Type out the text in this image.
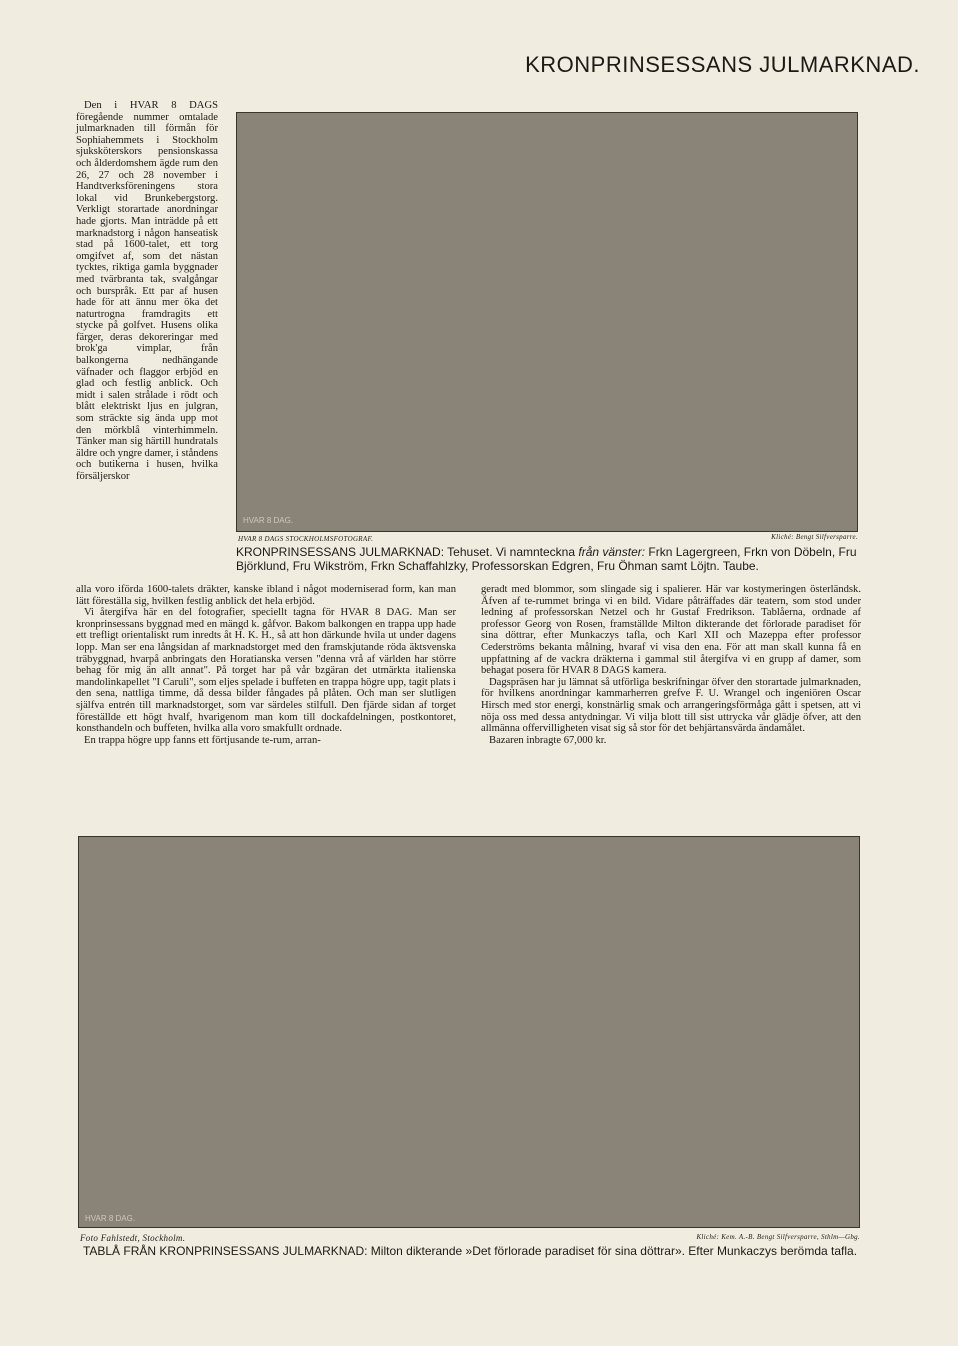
KRONPRINSESSANS JULMARKNAD.

Den i HVAR 8 DAGS föregående nummer omtalade julmarknaden till förmån för Sophiahemmets i Stockholm sjuksköterskors pensionskassa och ålderdomshem ägde rum den 26, 27 och 28 november i Handtverksföreningens stora lokal vid Brunkebergstorg. Verkligt storartade anordningar hade gjorts. Man inträdde på ett marknadstorg i någon hanseatisk stad på 1600-talet, ett torg omgifvet af, som det nästan tycktes, riktiga gamla byggnader med tvärbranta tak, svalgångar och burspråk. Ett par af husen hade för att ännu mer öka det naturtrogna framdragits ett stycke på golfvet. Husens olika färger, deras dekoreringar med brok'ga vimplar, från balkongerna nedhängande väfnader och flaggor erbjöd en glad och festlig anblick. Och midt i salen strålade i rödt och blått elektriskt ljus en julgran, som sträckte sig ända upp mot den mörkblå vinterhimmeln. Tänker man sig härtill hundratals äldre och yngre damer, i ståndens och butikerna i husen, hvilka försäljerskor

HVAR 8 DAG.
HVAR 8 DAGS STOCKHOLMSFOTOGRAF.	Kliché: Bengt Silfversparre.
KRONPRINSESSANS JULMARKNAD: Tehuset. Vi namnteckna från vänster: Frkn Lagergreen, Frkn von Döbeln, Fru Björklund, Fru Wikström, Frkn Schaffahlzky, Professorskan Edgren, Fru Öhman samt Löjtn. Taube.

alla voro iförda 1600-talets dräkter, kanske ibland i något moderniserad form, kan man lätt föreställa sig, hvilken festlig anblick det hela erbjöd.

Vi återgifva här en del fotografier, speciellt tagna för HVAR 8 DAG. Man ser kronprinsessans byggnad med en mängd k. gåfvor. Bakom balkongen en trappa upp hade ett trefligt orientaliskt rum inredts åt H. K. H., så att hon därkunde hvila ut under dagens lopp. Man ser ena långsidan af marknadstorget med den framskjutande röda äktsvenska träbyggnad, hvarpå anbringats den Horatianska versen "denna vrå af världen har större behag för mig än allt annat". På torget har på vår bzgäran det utmärkta italienska mandolinkapellet "I Caruli", som eljes spelade i buffeten en trappa högre upp, tagit plats i den sena, nattliga timme, då dessa bilder fångades på plåten. Och man ser slutligen själfva entrén till marknadstorget, som var särdeles stilfull. Den fjärde sidan af torget föreställde ett högt hvalf, hvarigenom man kom till dockafdelningen, postkontoret, konsthandeln och buffeten, hvilka alla voro smakfullt ordnade.

En trappa högre upp fanns ett förtjusande te-rum, arran-

geradt med blommor, som slingade sig i spalierer. Här var kostymeringen österländsk. Äfven af te-rummet bringa vi en bild. Vidare påträffades där teatern, som stod under ledning af professorskan Netzel och hr Gustaf Fredrikson. Tablåerna, ordnade af professor Georg von Rosen, framställde Milton dikterande det förlorade paradiset för sina döttrar, efter Munkaczys tafla, och Karl XII och Mazeppa efter professor Cederströms bekanta målning, hvaraf vi visa den ena. För att man skall kunna få en uppfattning af de vackra dräkterna i gammal stil återgifva vi en grupp af damer, som behagat posera för HVAR 8 DAGS kamera.

Dagspräsen har ju lämnat så utförliga beskrifningar öfver den storartade julmarknaden, för hvilkens anordningar kammarherren grefve F. U. Wrangel och ingeniören Oscar Hirsch med stor energi, konstnärlig smak och arrangeringsförmåga gått i spetsen, att vi nöja oss med dessa antydningar. Vi vilja blott till sist uttrycka vår glädje öfver, att den allmänna offervilligheten visat sig så stor för det behjärtansvärda ändamålet.

Bazaren inbragte 67,000 kr.

HVAR 8 DAG.
Foto Fahlstedt, Stockholm.	Kliché: Kem. A.-B. Bengt Silfversparre, Sthlm—Gbg.
TABLÅ FRÅN KRONPRINSESSANS JULMARKNAD: Milton dikterande »Det förlorade paradiset för sina döttrar». Efter Munkaczys berömda tafla.
